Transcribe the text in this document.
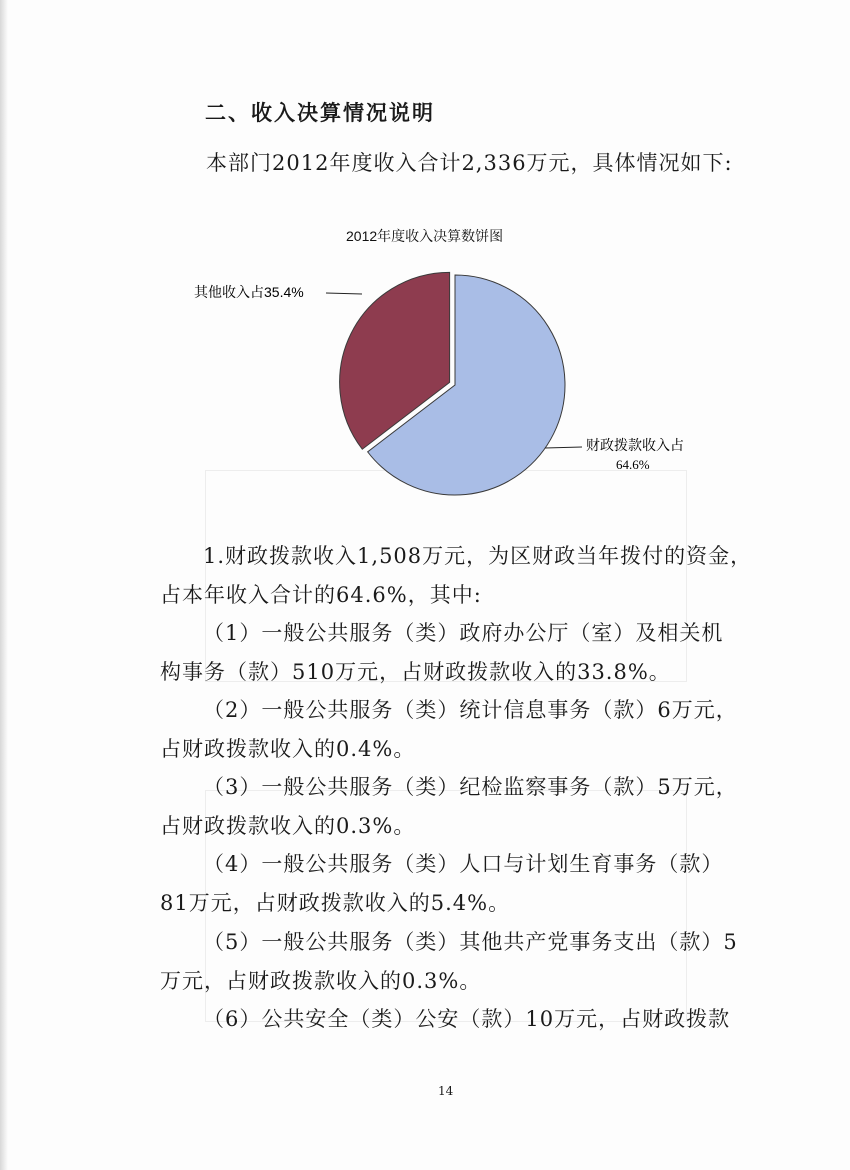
二、收入决算情况说明
本部门2012年度收入合计2,336万元，具体情况如下:
2012年度收入决算数饼图
财政拨款收入占
64.6%
其他收入占35.4%
1.财政拨款收入1,508万元，为区财政当年拨付的资金，
占本年收入合计的64.6%，其中:
（1）一般公共服务（类）政府办公厅（室）及相关机
构事务（款）510万元，占财政拨款收入的33.8%。
（2）一般公共服务（类）统计信息事务（款）6万元，
占财政拨款收入的0.4%。
（3）一般公共服务（类）纪检监察事务（款）5万元，
占财政拨款收入的0.3%。
（4）一般公共服务（类）人口与计划生育事务（款）
81万元，占财政拨款收入的5.4%。
（5）一般公共服务（类）其他共产党事务支出（款）5
万元，占财政拨款收入的0.3%。
（6）公共安全（类）公安（款）10万元，占财政拨款
14
